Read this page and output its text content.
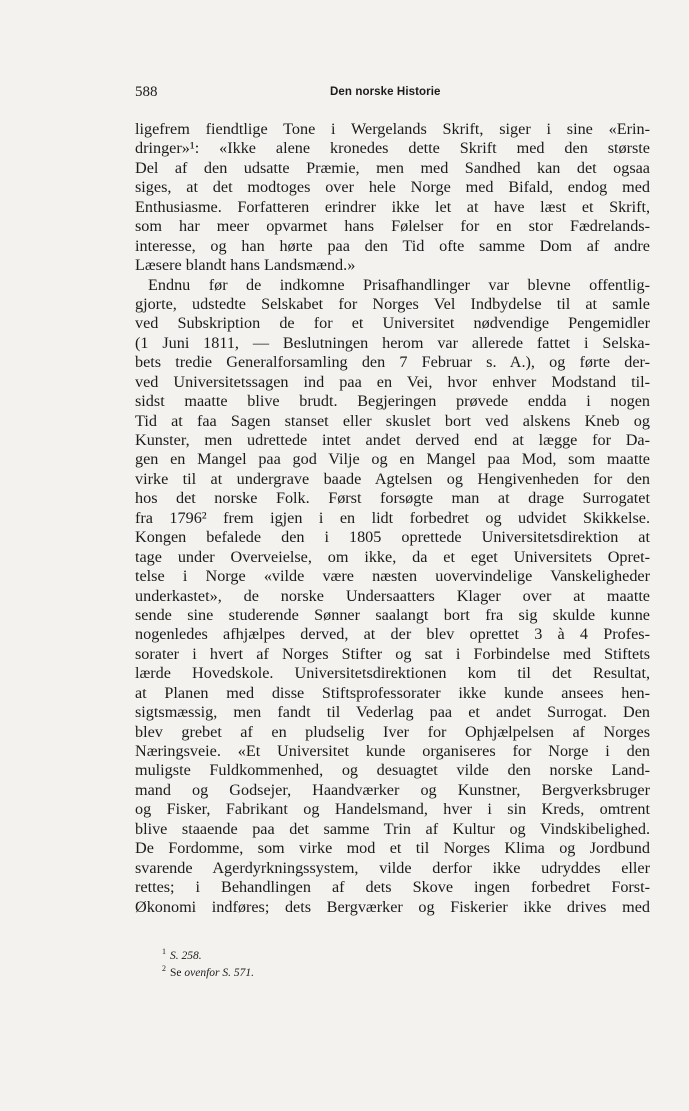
588	Den norske Historie
ligefrem fiendtlige Tone i Wergelands Skrift, siger i sine «Erin-
dringer»¹: «Ikke alene kronedes dette Skrift med den største
Del af den udsatte Præmie, men med Sandhed kan det ogsaa
siges, at det modtoges over hele Norge med Bifald, endog med
Enthusiasme. Forfatteren erindrer ikke let at have læst et Skrift,
som har meer opvarmet hans Følelser for en stor Fædrelands-
interesse, og han hørte paa den Tid ofte samme Dom af andre
Læsere blandt hans Landsmænd.»
Endnu før de indkomne Prisafhandlinger var blevne offentlig-
gjorte, udstedte Selskabet for Norges Vel Indbydelse til at samle
ved Subskription de for et Universitet nødvendige Pengemidler
(1 Juni 1811, — Beslutningen herom var allerede fattet i Selska-
bets tredie Generalforsamling den 7 Februar s. A.), og førte der-
ved Universitetssagen ind paa en Vei, hvor enhver Modstand til-
sidst maatte blive brudt. Begjeringen prøvede endda i nogen
Tid at faa Sagen stanset eller skuslet bort ved alskens Kneb og
Kunster, men udrettede intet andet derved end at lægge for Da-
gen en Mangel paa god Vilje og en Mangel paa Mod, som maatte
virke til at undergrave baade Agtelsen og Hengivenheden for den
hos det norske Folk. Først forsøgte man at drage Surrogatet
fra 1796² frem igjen i en lidt forbedret og udvidet Skikkelse.
Kongen befalede den i 1805 oprettede Universitetsdirektion at
tage under Overveielse, om ikke, da et eget Universitets Opret-
telse i Norge «vilde være næsten uovervindelige Vanskeligheder
underkastet», de norske Undersaatters Klager over at maatte
sende sine studerende Sønner saalangt bort fra sig skulde kunne
nogenledes afhjælpes derved, at der blev oprettet 3 à 4 Profes-
sorater i hvert af Norges Stifter og sat i Forbindelse med Stiftets
lærde Hovedskole. Universitetsdirektionen kom til det Resultat,
at Planen med disse Stiftsprofessorater ikke kunde ansees hen-
sigtsmæssig, men fandt til Vederlag paa et andet Surrogat. Den
blev grebet af en pludselig Iver for Ophjælpelsen af Norges
Næringsveie. «Et Universitet kunde organiseres for Norge i den
muligste Fuldkommenhed, og desuagtet vilde den norske Land-
mand og Godsejer, Haandværker og Kunstner, Bergverksbruger
og Fisker, Fabrikant og Handelsmand, hver i sin Kreds, omtrent
blive staaende paa det samme Trin af Kultur og Vindskibelighed.
De Fordomme, som virke mod et til Norges Klima og Jordbund
svarende Agerdyrkningssystem, vilde derfor ikke udryddes eller
rettes; i Behandlingen af dets Skove ingen forbedret Forst-
Økonomi indføres; dets Bergværker og Fiskerier ikke drives med
$^1$ S. 258.
$^2$ Se ovenfor S. 571.
